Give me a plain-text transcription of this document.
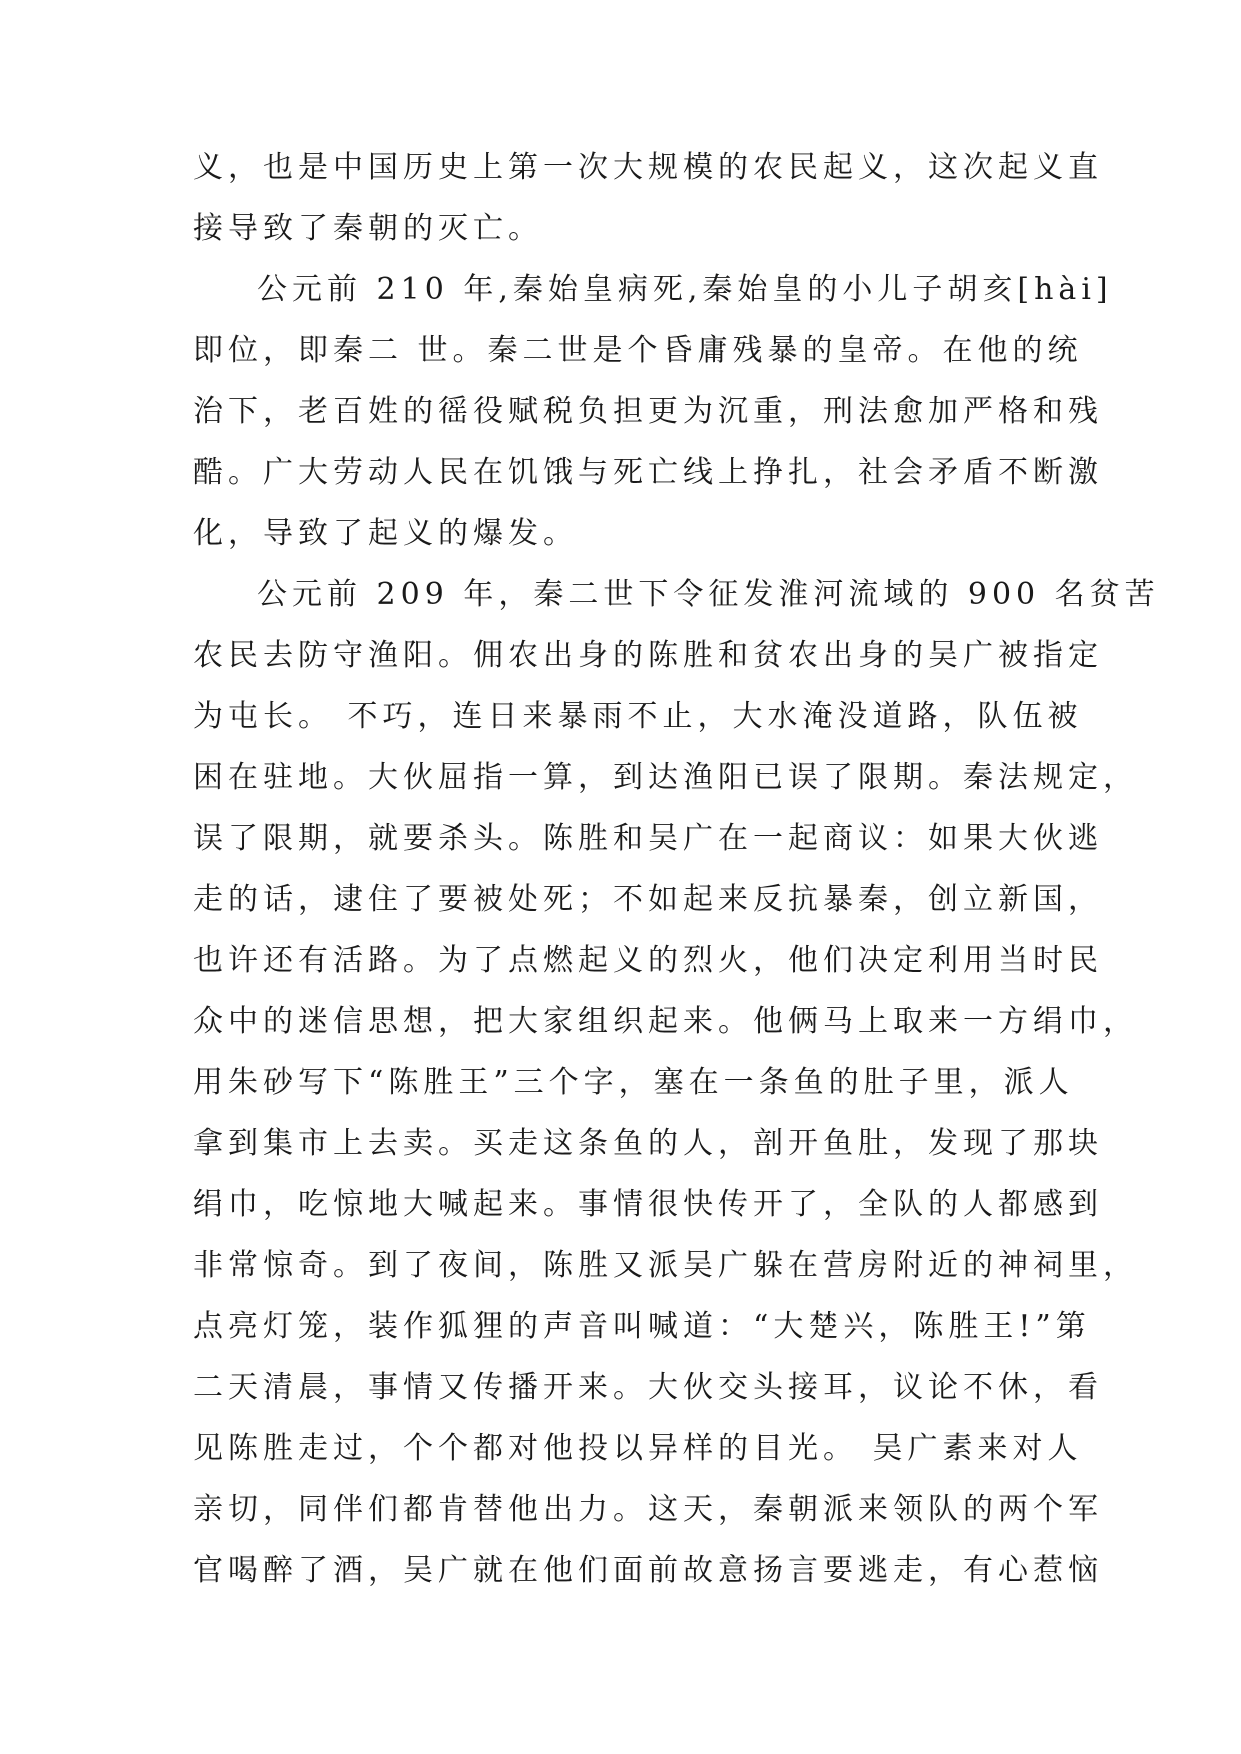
义，也是中国历史上第一次大规模的农民起义，这次起义直
接导致了秦朝的灭亡。
公元前 210 年,秦始皇病死,秦始皇的小儿子胡亥[hài]
即位，即秦二 世。秦二世是个昏庸残暴的皇帝。在他的统
治下，老百姓的徭役赋税负担更为沉重，刑法愈加严格和残
酷。广大劳动人民在饥饿与死亡线上挣扎，社会矛盾不断激
化，导致了起义的爆发。
公元前 209 年，秦二世下令征发淮河流域的 900 名贫苦
农民去防守渔阳。佣农出身的陈胜和贫农出身的吴广被指定
为屯长。 不巧，连日来暴雨不止，大水淹没道路，队伍被
困在驻地。大伙屈指一算，到达渔阳已误了限期。秦法规定，
误了限期，就要杀头。陈胜和吴广在一起商议：如果大伙逃
走的话，逮住了要被处死；不如起来反抗暴秦，创立新国，
也许还有活路。为了点燃起义的烈火，他们决定利用当时民
众中的迷信思想，把大家组织起来。他俩马上取来一方绢巾，
用朱砂写下“陈胜王”三个字，塞在一条鱼的肚子里，派人
拿到集市上去卖。买走这条鱼的人，剖开鱼肚，发现了那块
绢巾，吃惊地大喊起来。事情很快传开了，全队的人都感到
非常惊奇。到了夜间，陈胜又派吴广躲在营房附近的神祠里，
点亮灯笼，装作狐狸的声音叫喊道：“大楚兴，陈胜王!”第
二天清晨，事情又传播开来。大伙交头接耳，议论不休，看
见陈胜走过，个个都对他投以异样的目光。 吴广素来对人
亲切，同伴们都肯替他出力。这天，秦朝派来领队的两个军
官喝醉了酒，吴广就在他们面前故意扬言要逃走，有心惹恼
